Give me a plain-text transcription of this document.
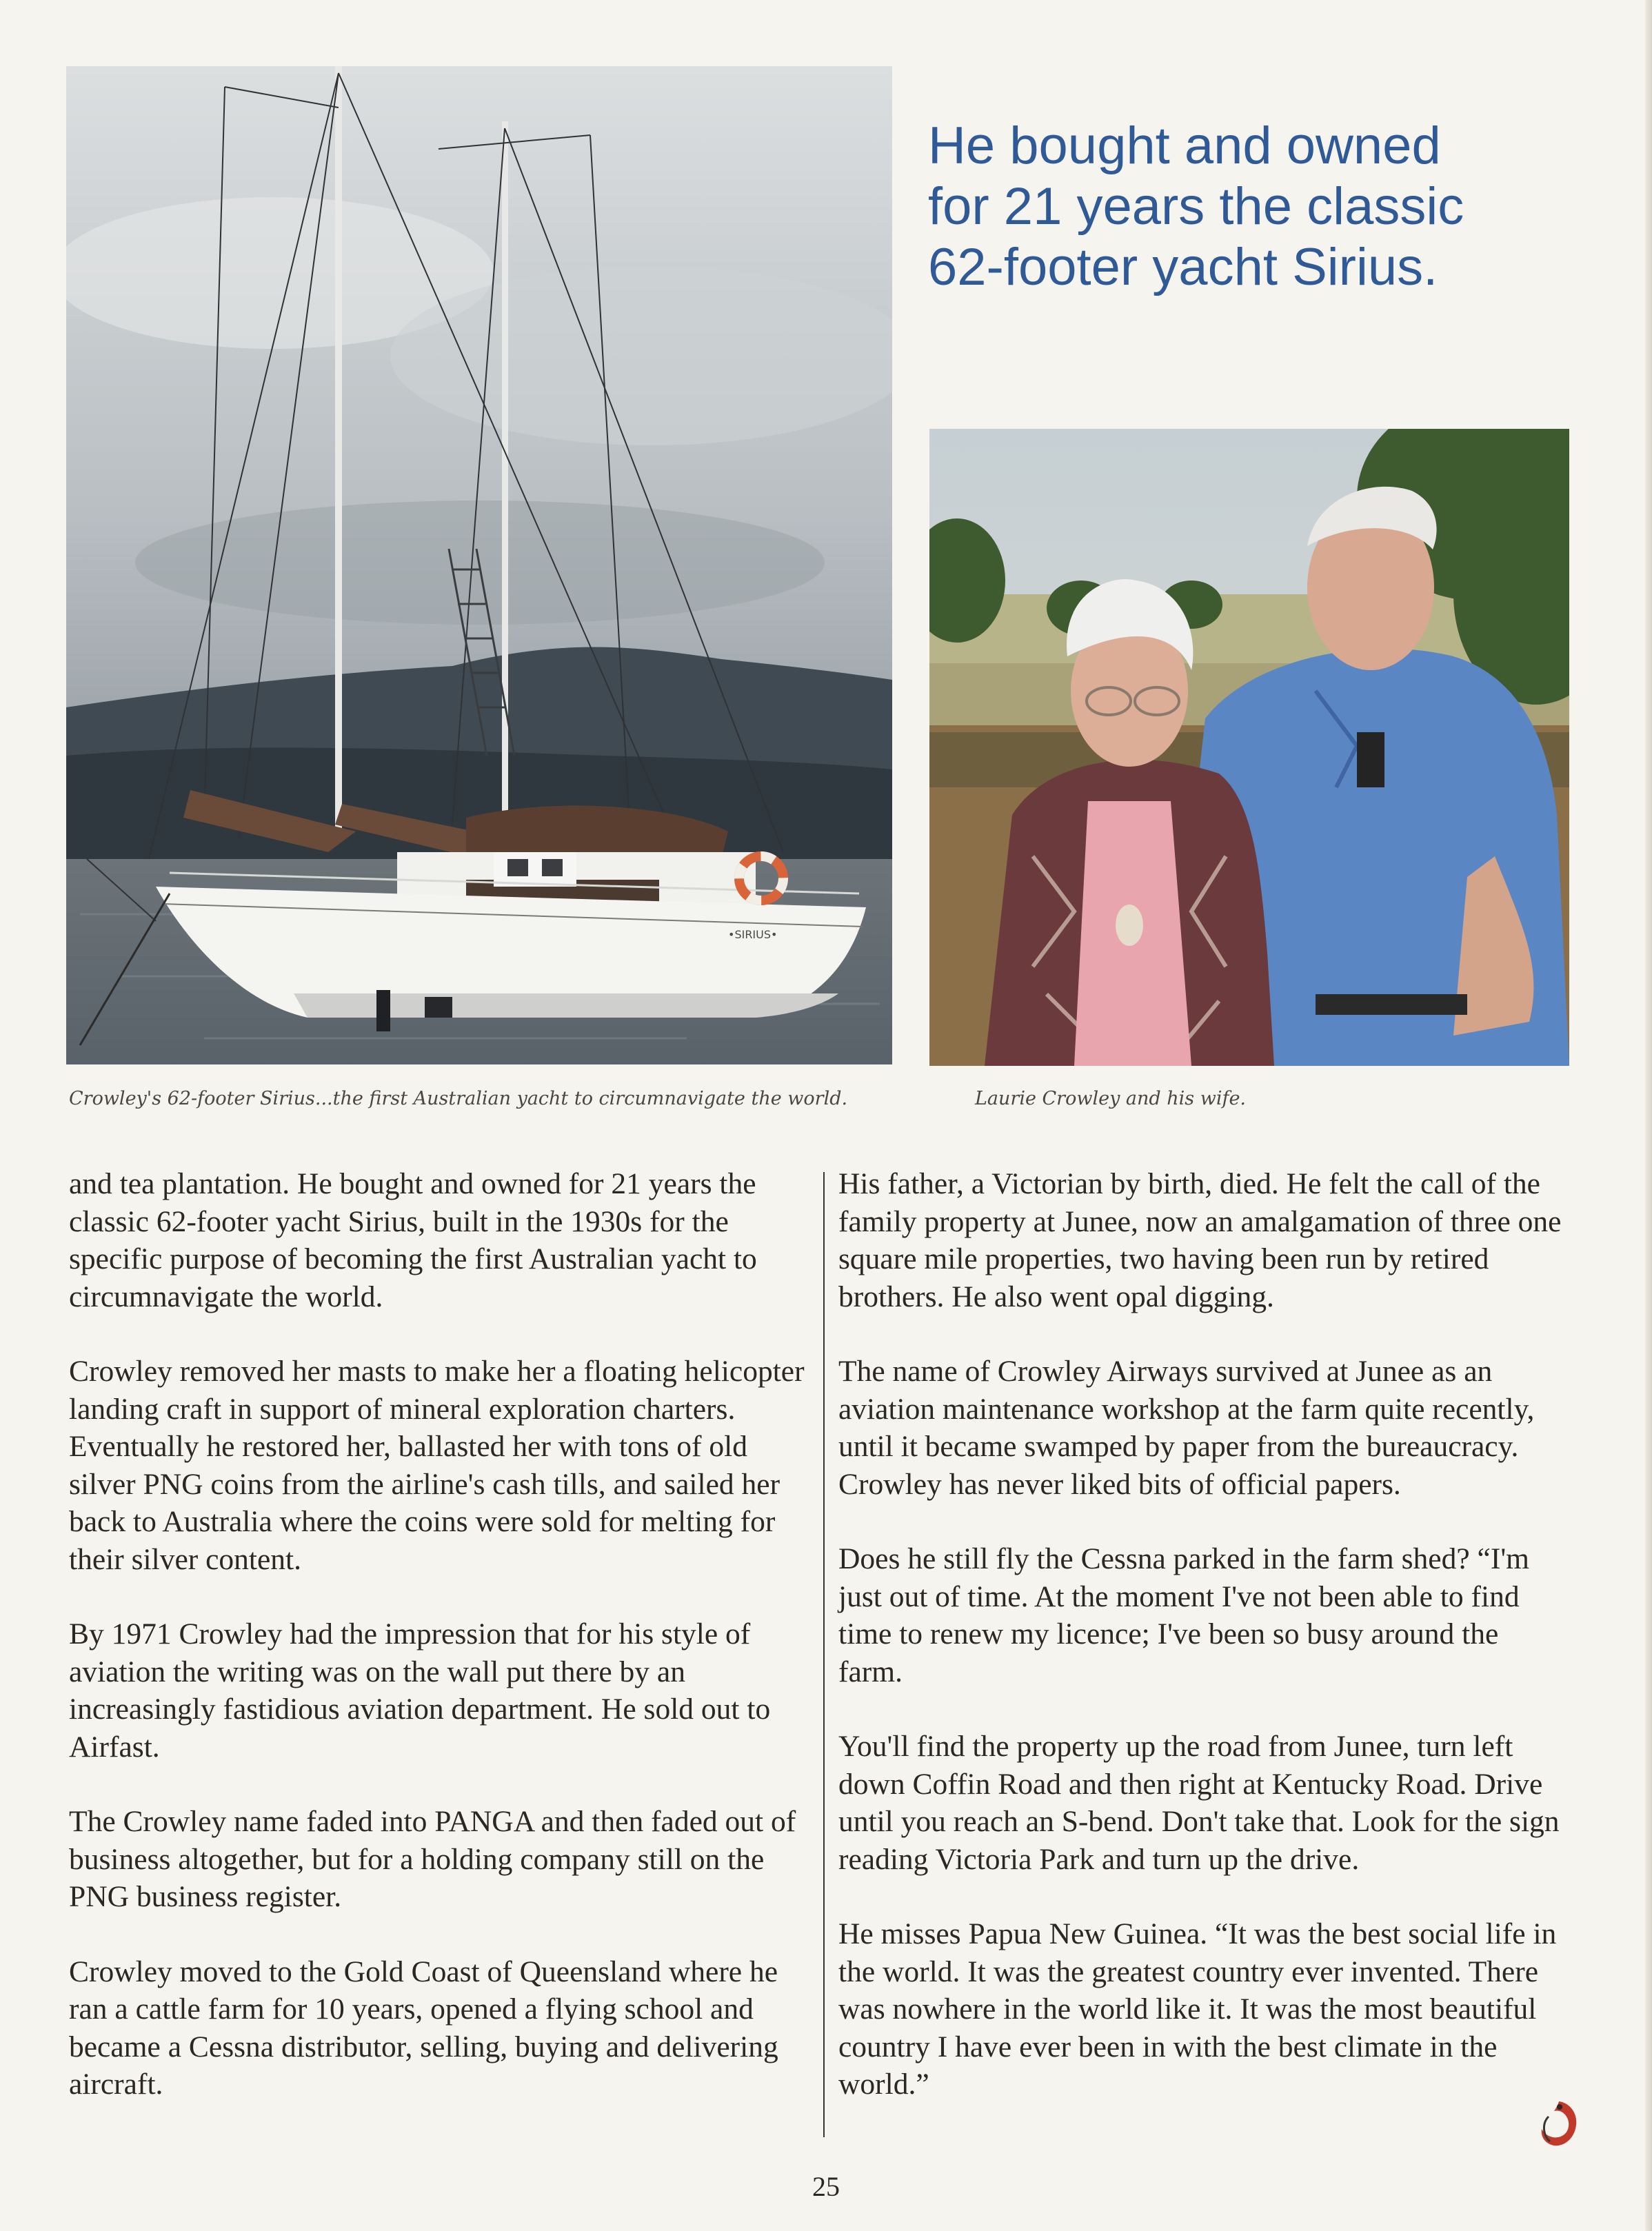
•SIRIUS•
He bought and owned for 21 years the classic 62-footer yacht Sirius.
Crowley's 62-footer Sirius...the first Australian yacht to circumnavigate the world.	Laurie Crowley and his wife.

and tea plantation. He bought and owned for 21 years the classic 62-footer yacht Sirius, built in the 1930s for the specific purpose of becoming the first Australian yacht to circumnavigate the world.

Crowley removed her masts to make her a floating helicopter landing craft in support of mineral exploration charters. Eventually he restored her, ballasted her with tons of old silver PNG coins from the airline's cash tills, and sailed her back to Australia where the coins were sold for melting for their silver content.

By 1971 Crowley had the impression that for his style of aviation the writing was on the wall put there by an increasingly fastidious aviation department. He sold out to Airfast.

The Crowley name faded into PANGA and then faded out of business altogether, but for a holding company still on the PNG business register.

Crowley moved to the Gold Coast of Queensland where he ran a cattle farm for 10 years, opened a flying school and became a Cessna distributor, selling, buying and delivering aircraft.

His father, a Victorian by birth, died. He felt the call of the family property at Junee, now an amalgamation of three one square mile properties, two having been run by retired brothers. He also went opal digging.

The name of Crowley Airways survived at Junee as an aviation maintenance workshop at the farm quite recently, until it became swamped by paper from the bureaucracy. Crowley has never liked bits of official papers.

Does he still fly the Cessna parked in the farm shed? “I'm just out of time. At the moment I've not been able to find time to renew my licence; I've been so busy around the farm.

You'll find the property up the road from Junee, turn left down Coffin Road and then right at Kentucky Road. Drive until you reach an S-bend. Don't take that. Look for the sign reading Victoria Park and turn up the drive.

He misses Papua New Guinea. “It was the best social life in the world. It was the greatest country ever invented. There was nowhere in the world like it. It was the most beautiful country I have ever been in with the best climate in the world.”

25
